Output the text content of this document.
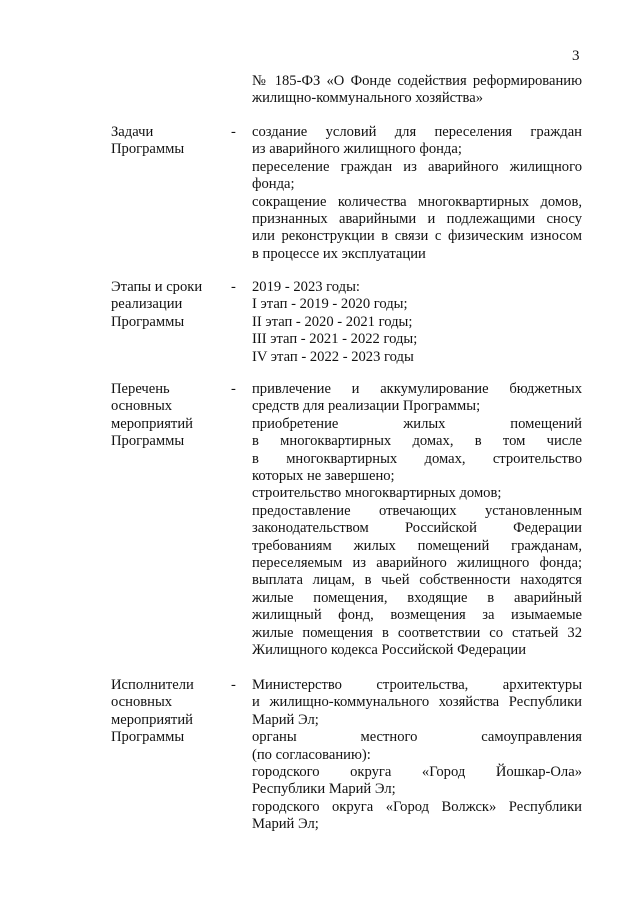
3
№ 185-ФЗ «О Фонде содействия реформированию
жилищно-коммунального хозяйства»
Задачи
Программы
- создание условий для переселения граждан
из аварийного жилищного фонда;
переселение граждан из аварийного жилищного
фонда;
сокращение количества многоквартирных домов,
признанных аварийными и подлежащими сносу
или реконструкции в связи с физическим износом
в процессе их эксплуатации
Этапы и сроки
реализации
Программы
- 2019 - 2023 годы:
I этап - 2019 - 2020 годы;
II этап - 2020 - 2021 годы;
III этап - 2021 - 2022 годы;
IV этап - 2022 - 2023 годы
Перечень
основных
мероприятий
Программы
- привлечение и аккумулирование бюджетных
средств для реализации Программы;
приобретение жилых помещений
в многоквартирных домах, в том числе
в многоквартирных домах, строительство
которых не завершено;
строительство многоквартирных домов;
предоставление отвечающих установленным
законодательством Российской Федерации
требованиям жилых помещений гражданам,
переселяемым из аварийного жилищного фонда;
выплата лицам, в чьей собственности находятся
жилые помещения, входящие в аварийный
жилищный фонд, возмещения за изымаемые
жилые помещения в соответствии со статьей 32
Жилищного кодекса Российской Федерации
Исполнители
основных
мероприятий
Программы
- Министерство строительства, архитектуры
и жилищно-коммунального хозяйства Республики
Марий Эл;
органы местного самоуправления
(по согласованию):
городского округа «Город Йошкар-Ола»
Республики Марий Эл;
городского округа «Город Волжск» Республики
Марий Эл;
